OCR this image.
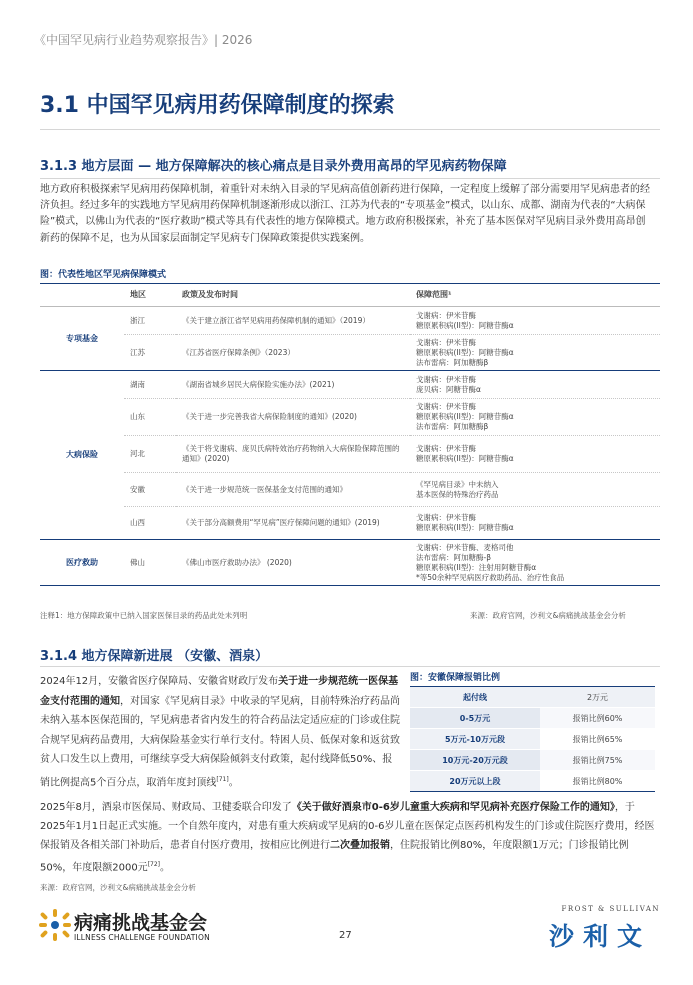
《中国罕见病行业趋势观察报告》| 2026
3.1 中国罕见病用药保障制度的探索
3.1.3 地方层面 — 地方保障解决的核心痛点是目录外费用高昂的罕见病药物保障
地方政府积极探索罕见病用药保障机制，着重针对未纳入目录的罕见病高值创新药进行保障，一定程度上缓解了部分需要用罕见病患者的经济负担。经过多年的实践地方罕见病用药保障机制逐渐形成以浙江、江苏为代表的“专项基金”模式，以山东、成都、湖南为代表的“大病保险”模式，以佛山为代表的“医疗救助”模式等具有代表性的地方保障模式。地方政府积极探索，补充了基本医保对罕见病目录外费用高昂创新药的保障不足，也为从国家层面制定罕见病专门保障政策提供实践案例。
图：代表性地区罕见病保障模式
	地区	政策及发布时间	保障范围¹
专项基金	浙江	《关于建立浙江省罕见病用药保障机制的通知》（2019）	戈谢病：伊米苷酶
糖原累积病(II型)：阿糖苷酶α

	江苏	《江苏省医疗保障条例》（2023）	戈谢病：伊米苷酶
糖原累积病(II型)：阿糖苷酶α
法布雷病：阿加糖酶β

大病保险	湖南	《湖南省城乡居民大病保险实施办法》(2021)	戈谢病：伊米苷酶
庞贝病：阿糖苷酶α

	山东	《关于进一步完善我省大病保险制度的通知》(2020)	戈谢病：伊米苷酶
糖原累积病(II型)：阿糖苷酶α
法布雷病：阿加糖酶β

	河北	《关于将戈谢病、庞贝氏病特效治疗药物纳入大病保险保障范围的通知》(2020)	戈谢病：伊米苷酶
糖原累积病(II型)：阿糖苷酶α

	安徽	《关于进一步规范统一医保基金支付范围的通知》	《罕见病目录》中未纳入
基本医保的特殊治疗药品

	山西	《关于部分高额费用“罕见病”医疗保障问题的通知》(2019)	戈谢病：伊米苷酶
糖原累积病(II型)：阿糖苷酶α

医疗救助	佛山	《佛山市医疗救助办法》 (2020)	戈谢病：伊米苷酶、麦格司他
法布雷病：阿加糖酶-β
糖原累积病(II型)：注射用阿糖苷酶α
*等50余种罕见病医疗救助药品、治疗性食品
注释1：地方保障政策中已纳入国家医保目录的药品此处未列明	来源：政府官网，沙利文&病痛挑战基金会分析
3.1.4 地方保障新进展 （安徽、酒泉）
2024年12月，安徽省医疗保障局、安徽省财政厅发布关于进一步规范统一医保基金支付范围的通知，对国家《罕见病目录》中收录的罕见病，目前特殊治疗药品尚未纳入基本医保范围的，罕见病患者省内发生的符合药品法定适应症的门诊或住院合规罕见病药品费用，大病保险基金实行单行支付。特困人员、低保对象和返贫致贫人口发生以上费用，可继续享受大病保险倾斜支付政策，起付线降低50%、报销比例提高5个百分点，取消年度封顶线[71]。
图：安徽保障报销比例
起付线	2万元
0-5万元	报销比例60%
5万元-10万元段	报销比例65%
10万元-20万元段	报销比例75%
20万元以上段	报销比例80%
2025年8月，酒泉市医保局、财政局、卫健委联合印发了《关于做好酒泉市0-6岁儿童重大疾病和罕见病补充医疗保险工作的通知》，于2025年1月1日起正式实施。一个自然年度内，对患有重大疾病或罕见病的0-6岁儿童在医保定点医药机构发生的门诊或住院医疗费用，经医保报销及各相关部门补助后，患者自付医疗费用，按相应比例进行二次叠加报销，住院报销比例80%，年度限额1万元；门诊报销比例50%，年度限额2000元[72]。
来源：政府官网，沙利文&病痛挑战基金会分析
病痛挑战基金会
ILLNESS CHALLENGE FOUNDATION	27
FROST & SULLIVAN
沙利文
